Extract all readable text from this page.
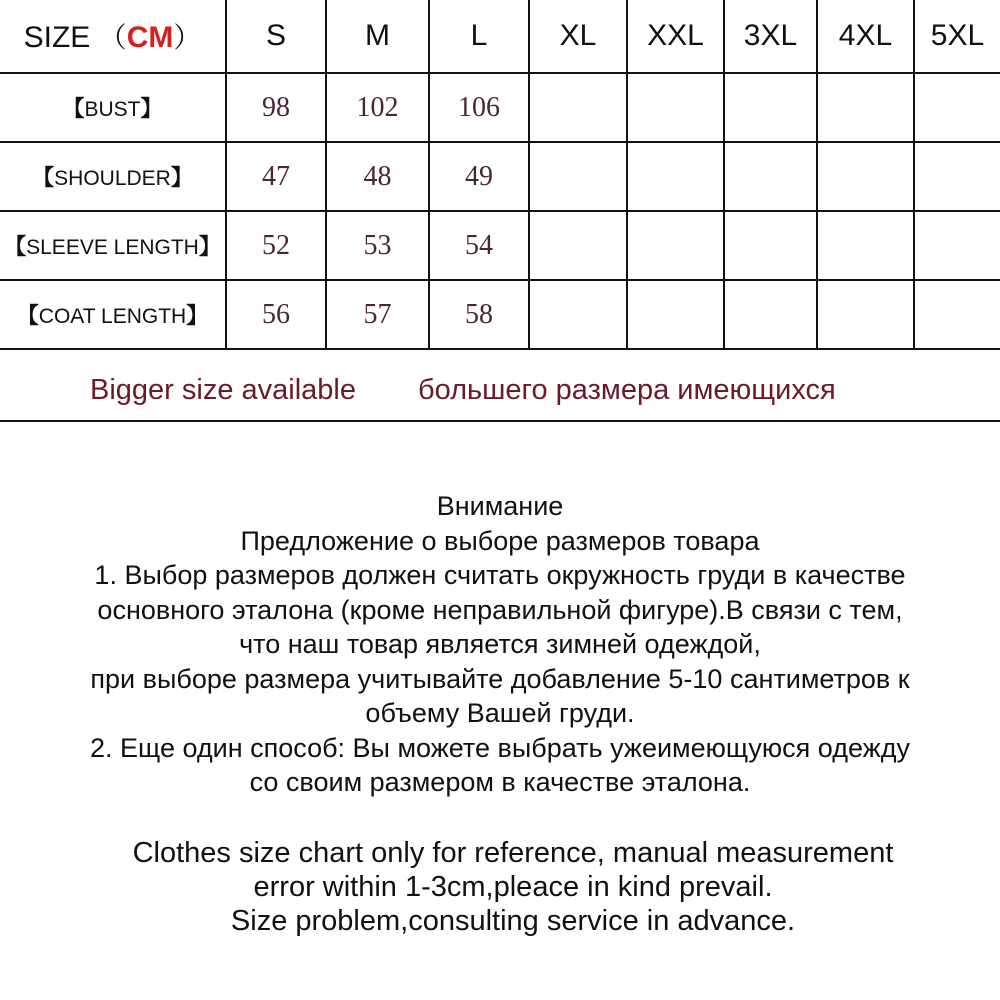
SIZE （CM）	S	M	L	XL	XXL	3XL	4XL	5XL
【BUST】	98	102	106					
【SHOULDER】	47	48	49					
【SLEEVE LENGTH】	52	53	54					
【COAT LENGTH】	56	57	58					
Bigger size available большего размера имеющихся
Внимание
Предложение о выборе размеров товара
1. Выбор размеров должен считать окружность груди в качестве
основного эталона (кроме неправильной фигуре).В связи с тем,
что наш товар является зимней одеждой,
при выборе размера учитывайте добавление 5-10 сантиметров к
объему Вашей груди.
2. Еще один способ: Вы можете выбрать ужеимеющуюся одежду
со своим размером в качестве эталона.
Clothes size chart only for reference, manual measurement
error within 1-3cm,pleace in kind prevail.
Size problem,consulting service in advance.
